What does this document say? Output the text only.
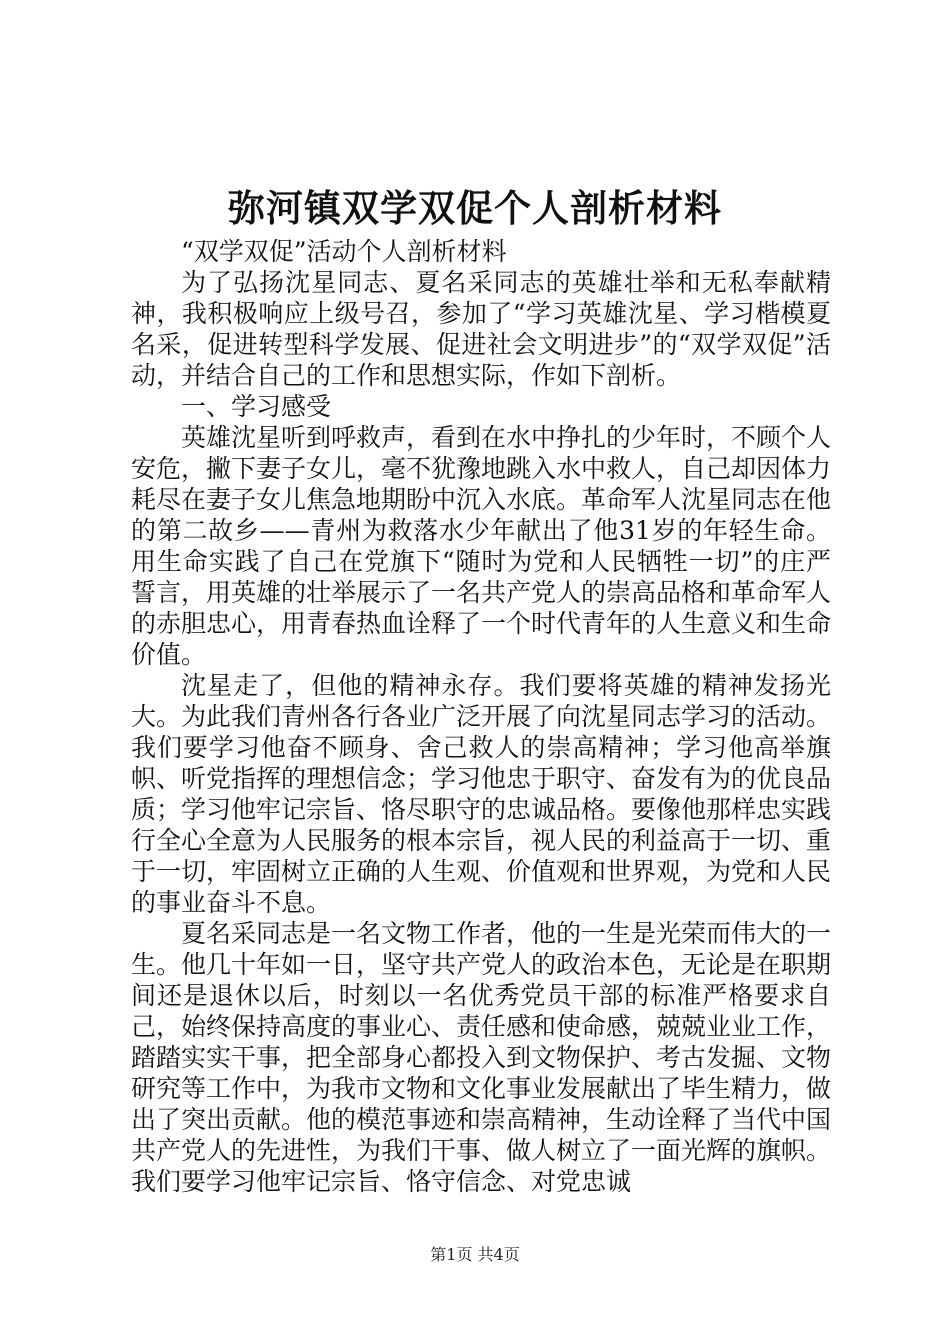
弥河镇双学双促个人剖析材料

“双学双促”活动个人剖析材料

为了弘扬沈星同志、夏名采同志的英雄壮举和无私奉献精神，我积极响应上级号召，参加了“学习英雄沈星、学习楷模夏名采，促进转型科学发展、促进社会文明进步”的“双学双促”活动，并结合自己的工作和思想实际，作如下剖析。

一、学习感受

英雄沈星听到呼救声，看到在水中挣扎的少年时，不顾个人安危，撇下妻子女儿，毫不犹豫地跳入水中救人，自己却因体力耗尽在妻子女儿焦急地期盼中沉入水底。革命军人沈星同志在他的第二故乡——青州为救落水少年献出了他31岁的年轻生命。用生命实践了自己在党旗下“随时为党和人民牺牲一切”的庄严誓言，用英雄的壮举展示了一名共产党人的崇高品格和革命军人的赤胆忠心，用青春热血诠释了一个时代青年的人生意义和生命价值。

沈星走了，但他的精神永存。我们要将英雄的精神发扬光大。为此我们青州各行各业广泛开展了向沈星同志学习的活动。我们要学习他奋不顾身、舍己救人的崇高精神；学习他高举旗帜、听党指挥的理想信念；学习他忠于职守、奋发有为的优良品质；学习他牢记宗旨、恪尽职守的忠诚品格。要像他那样忠实践行全心全意为人民服务的根本宗旨，视人民的利益高于一切、重于一切，牢固树立正确的人生观、价值观和世界观，为党和人民的事业奋斗不息。

夏名采同志是一名文物工作者，他的一生是光荣而伟大的一生。他几十年如一日，坚守共产党人的政治本色，无论是在职期间还是退休以后，时刻以一名优秀党员干部的标准严格要求自己，始终保持高度的事业心、责任感和使命感，兢兢业业工作，踏踏实实干事，把全部身心都投入到文物保护、考古发掘、文物研究等工作中，为我市文物和文化事业发展献出了毕生精力，做出了突出贡献。他的模范事迹和崇高精神，生动诠释了当代中国共产党人的先进性，为我们干事、做人树立了一面光辉的旗帜。我们要学习他牢记宗旨、恪守信念、对党忠诚

第1页 共4页
